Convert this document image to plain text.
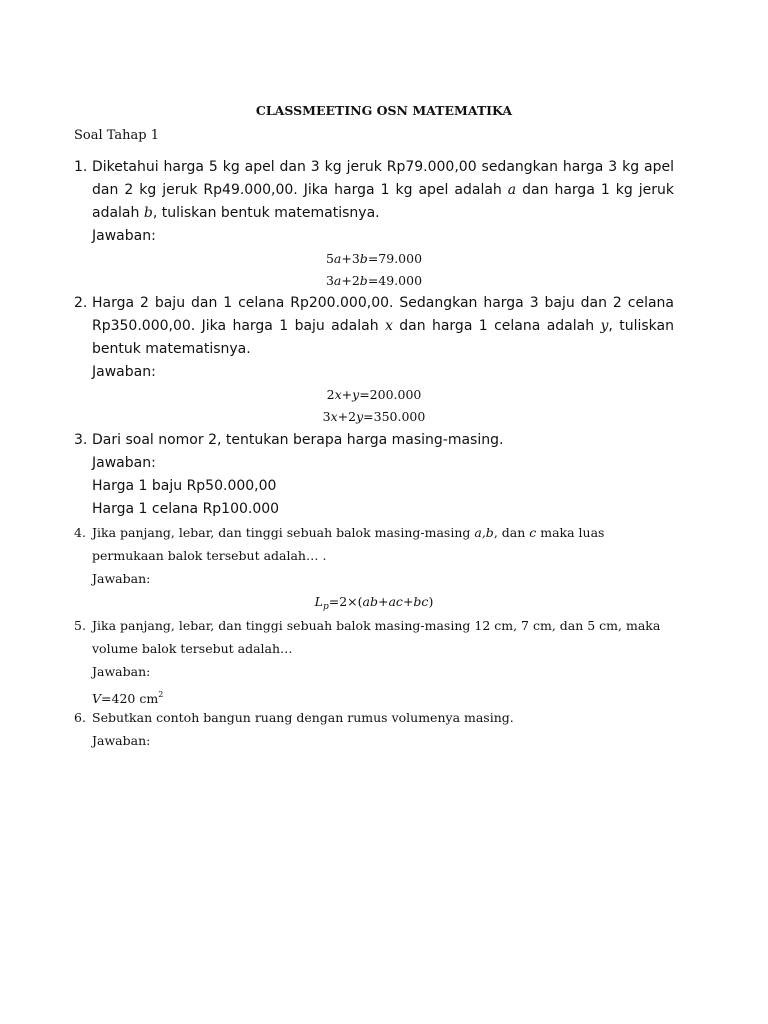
CLASSMEETING OSN MATEMATIKA
Soal Tahap 1
1. Diketahui harga 5 kg apel dan 3 kg jeruk Rp79.000,00 sedangkan harga 3 kg apel dan 2 kg jeruk Rp49.000,00. Jika harga 1 kg apel adalah a dan harga 1 kg jeruk adalah b, tuliskan bentuk matematisnya.
Jawaban:
5a+3b=79.000
3a+2b=49.000
2. Harga 2 baju dan 1 celana Rp200.000,00. Sedangkan harga 3 baju dan 2 celana Rp350.000,00. Jika harga 1 baju adalah x dan harga 1 celana adalah y, tuliskan bentuk matematisnya.
Jawaban:
2x+y=200.000
3x+2y=350.000
3. Dari soal nomor 2, tentukan berapa harga masing-masing.
Jawaban:
Harga 1 baju Rp50.000,00
Harga 1 celana Rp100.000
4. Jika panjang, lebar, dan tinggi sebuah balok masing-masing a,b, dan c maka luas permukaan balok tersebut adalah… .
Jawaban:
$L_p=2\times(ab+ac+bc)$
5. Jika panjang, lebar, dan tinggi sebuah balok masing-masing 12 cm, 7 cm, dan 5 cm, maka volume balok tersebut adalah…
Jawaban:
V=420 $cm^2$
6. Sebutkan contoh bangun ruang dengan rumus volumenya masing.
Jawaban:
